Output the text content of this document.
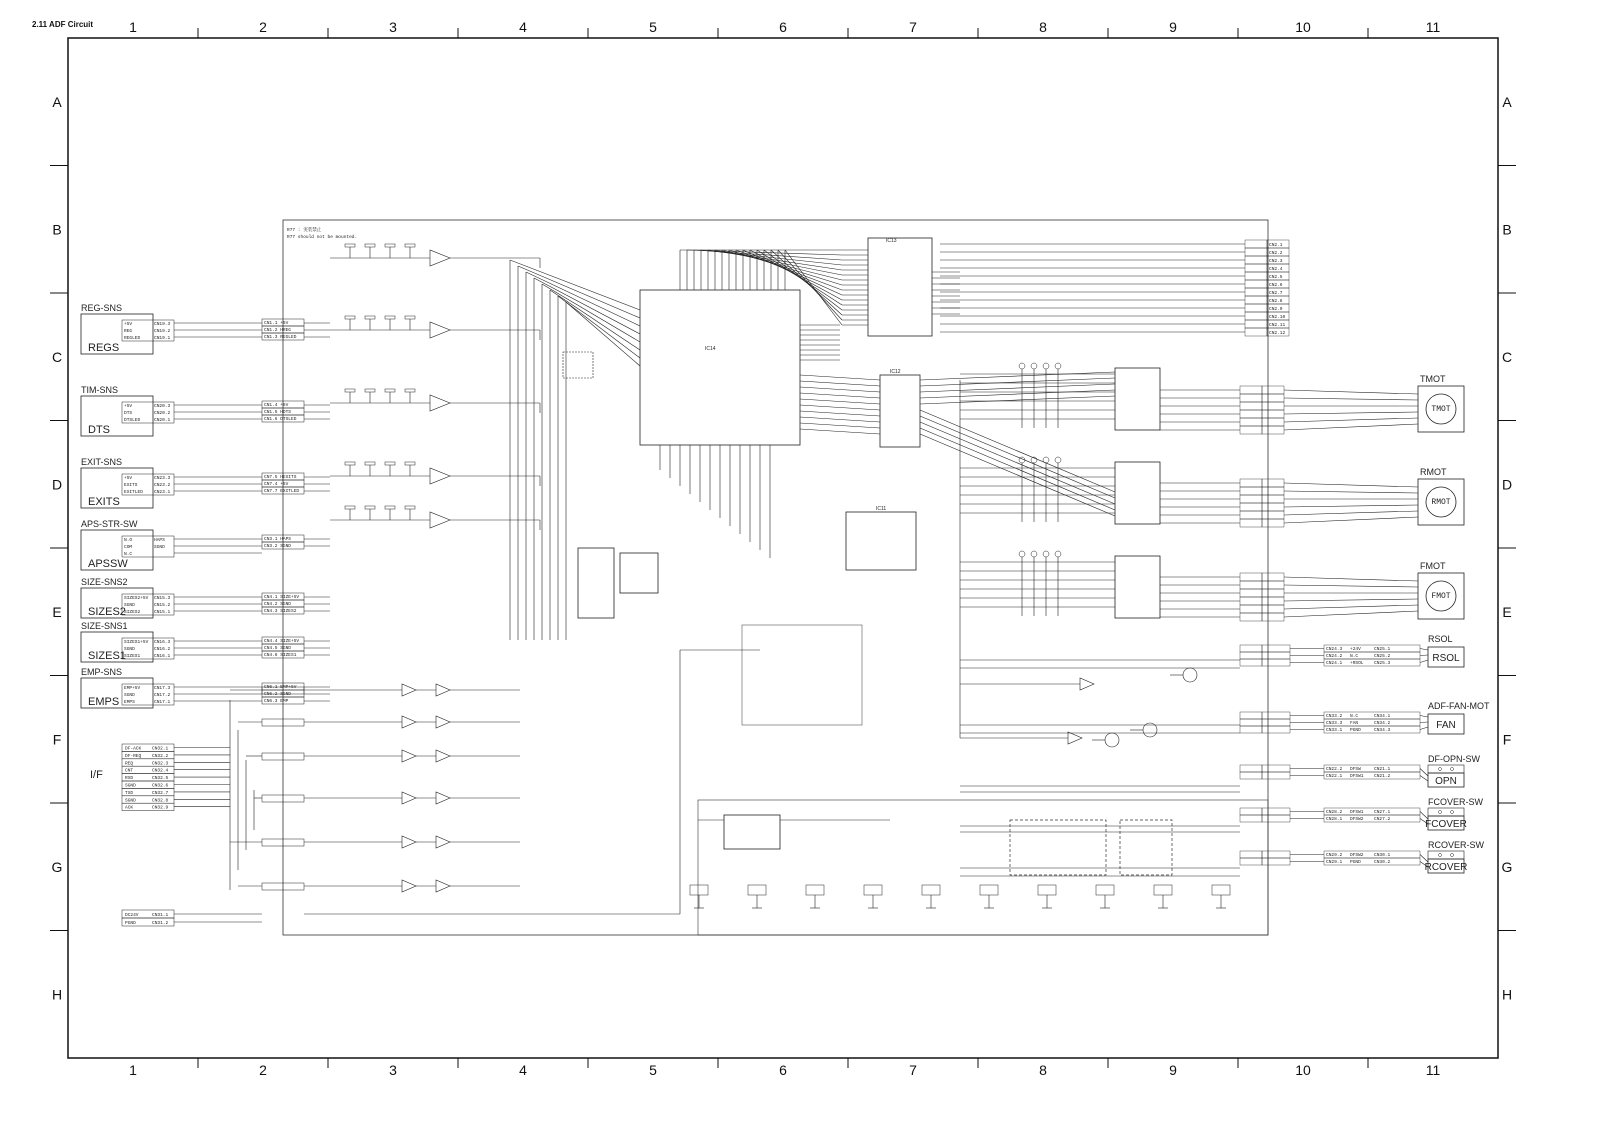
2.11 ADF Circuit	1	2	3	4	5	6	7	8	9	10	11
1	2	3	4	5	6	7	8	9	10	11
A
B
C
D
E
F
G
H
A
B
C
D
E
F
G
H
R77 : 実装禁止
R77 should not be mounted.
REG-SNS
REGS
+5V	CN19.3
REG	CN19.2
REGLED	CN19.1
TIM-SNS
DTS
+5V	CN20.3
DTS	CN20.2
DTSLED	CN20.1
EXIT-SNS
EXITS
+5V	CN23.3
EXITS	CN23.2
EXITLED CN23.1
APS-STR-SW
APSSW
N.O	HAPS
COM	SGND
N.C
SIZE-SNS2
SIZES2
SIZES2+5V CN15.3
SGND	CN15.2
SIZES2	CN15.1
SIZE-SNS1
SIZES1
SIZES1+5V CN16.3
SGND	CN16.2
SIZES1	CN16.1
EMP-SNS
EMPS
EMP+5V	CN17.3
SGND	CN17.2
EMPS	CN17.1
I/F
DF-ACK CN32.1
DF-REQ CN32.2
REQ	CN32.3
CNT	CN32.4
RXD	CN32.5
SGND	CN32.6
TXD	CN32.7
SGND	CN32.8
ACK	CN32.9
DC24V	CN31.1
PGND	CN31.2
CN1.1 +5V
CN1.2 HREG
CN1.3 REGLED
CN1.4 +5V
CN1.5 HDTS
CN1.6 DTSLED
CN7.5 HEXITS
CN7.4 +5V
CN7.7 EXITLED
CN3.1 HAPS
CN3.2 SGND
CN4.1 SIZE+5V
CN4.2 SGND
CN4.3 SIZES2
CN4.4 SIZE+5V
CN4.5 SGND
CN4.6 SIZES1
CN6.1 EMP+5V
CN6.2 SGND
CN6.3 EMP
IC14
IC13
IC12
IC11
CN2.1
CN2.2
CN2.3
CN2.4
CN2.5
CN2.6
CN2.7
CN2.8
CN2.9
CN2.10
CN2.11
CN2.12
TMOT
TMOT
RMOT
RMOT
FMOT
FMOT
RSOL
RSOL
CN24.3 +24V	CN25.1
CN24.2 N.C	CN25.2
CN24.1 +RSOL CN25.3
ADF-FAN-MOT
FAN
CN33.2 N.C	CN34.1
CN33.3 FAN	CN34.2
CN33.1 PGND	CN34.3
DF-OPN-SW
OPN
CN22.2 DFSW	CN21.1
CN22.1 DFSW1 CN21.2
FCOVER-SW
FCOVER
CN28.2 DFSW1 CN27.1
CN28.1 DFSW2 CN27.2
RCOVER-SW
RCOVER
CN29.2 DFSW2 CN30.1
CN29.1 PGND	CN30.2
